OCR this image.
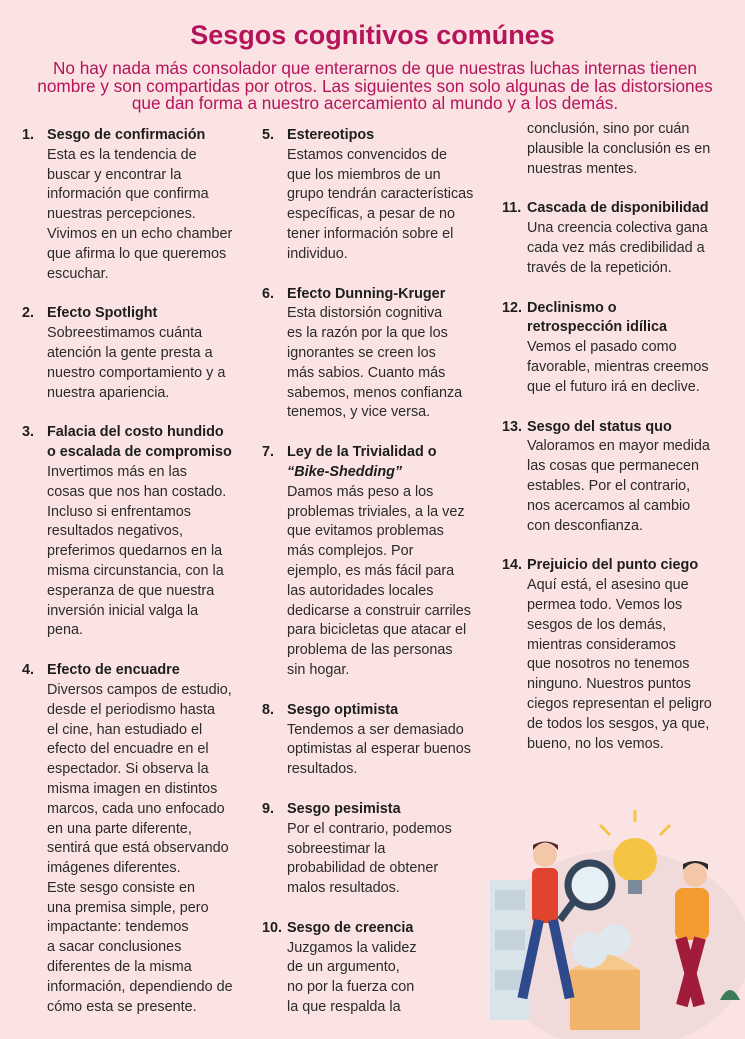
Sesgos cognitivos comúnes

No hay nada más consolador que enterarnos de que nuestras luchas internas tienen nombre y son compartidas por otros. Las siguientes son solo algunas de las distorsiones que dan forma a nuestro acercamiento al mundo y a los demás.

1. Sesgo de confirmación

Esta es la tendencia de

buscar y encontrar la

información que confirma

nuestras percepciones.

Vivimos en un echo chamber

que afirma lo que queremos

escuchar.

2. Efecto Spotlight

Sobreestimamos cuánta

atención la gente presta a

nuestro comportamiento y a

nuestra apariencia.

3. Falacia del costo hundido

o escalada de compromiso

Invertimos más en las

cosas que nos han costado.

Incluso si enfrentamos

resultados negativos,

preferimos quedarnos en la

misma circunstancia, con la

esperanza de que nuestra

inversión inicial valga la

pena.

4. Efecto de encuadre

Diversos campos de estudio,

desde el periodismo hasta

el cine, han estudiado el

efecto del encuadre en el

espectador. Si observa la

misma imagen en distintos

marcos, cada uno enfocado

en una parte diferente,

sentirá que está observando

imágenes diferentes.

Este sesgo consiste en

una premisa simple, pero

impactante: tendemos

a sacar conclusiones

diferentes de la misma

información, dependiendo de

cómo esta se presente.

5. Estereotipos

Estamos convencidos de

que los miembros de un

grupo tendrán características

específicas, a pesar de no

tener información sobre el

individuo.

6. Efecto Dunning-Kruger

Esta distorsión cognitiva

es la razón por la que los

ignorantes se creen los

más sabios. Cuanto más

sabemos, menos confianza

tenemos, y vice versa.

7. Ley de la Trivialidad o

“Bike-Shedding”

Damos más peso a los

problemas triviales, a la vez

que evitamos problemas

más complejos. Por

ejemplo, es más fácil para

las autoridades locales

dedicarse a construir carriles

para bicicletas que atacar el

problema de las personas

sin hogar.

8. Sesgo optimista

Tendemos a ser demasiado

optimistas al esperar buenos

resultados.

9. Sesgo pesimista

Por el contrario, podemos

sobreestimar la

probabilidad de obtener

malos resultados.

10. Sesgo de creencia

Juzgamos la validez

de un argumento,

no por la fuerza con

la que respalda la

conclusión, sino por cuán

plausible la conclusión es en

nuestras mentes.

11. Cascada de disponibilidad

Una creencia colectiva gana

cada vez más credibilidad a

través de la repetición.

12. Declinismo o

retrospección idílica

Vemos el pasado como

favorable, mientras creemos

que el futuro irá en declive.

13. Sesgo del status quo

Valoramos en mayor medida

las cosas que permanecen

estables. Por el contrario,

nos acercamos al cambio

con desconfianza.

14. Prejuicio del punto ciego

Aquí está, el asesino que

permea todo. Vemos los

sesgos de los demás,

mientras consideramos

que nosotros no tenemos

ninguno. Nuestros puntos

ciegos representan el peligro

de todos los sesgos, ya que,

bueno, no los vemos.
